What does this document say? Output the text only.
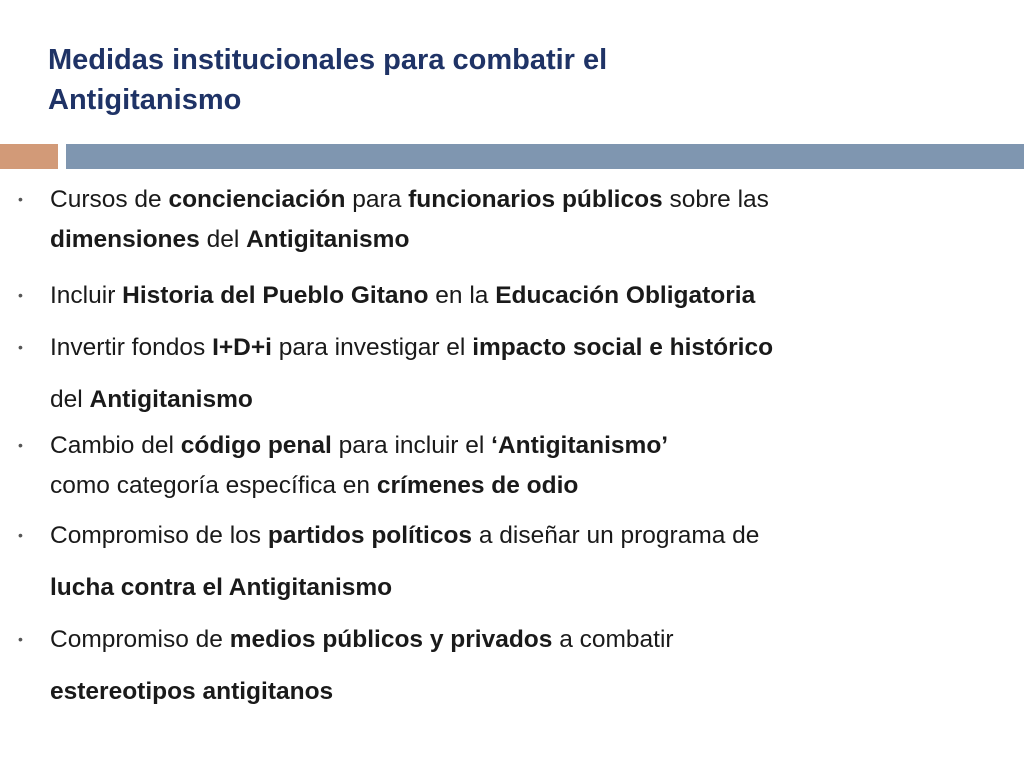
Medidas institucionales para combatir el
Antigitanismo
• Cursos de concienciación para funcionarios públicos sobre las
dimensiones del Antigitanismo
• Incluir Historia del Pueblo Gitano en la Educación Obligatoria
• Invertir fondos I+D+i para investigar el impacto social e histórico
del Antigitanismo
• Cambio del código penal para incluir el ‘Antigitanismo’
como categoría específica en crímenes de odio
• Compromiso de los partidos políticos a diseñar un programa de
lucha contra el Antigitanismo
• Compromiso de medios públicos y privados a combatir
estereotipos antigitanos
